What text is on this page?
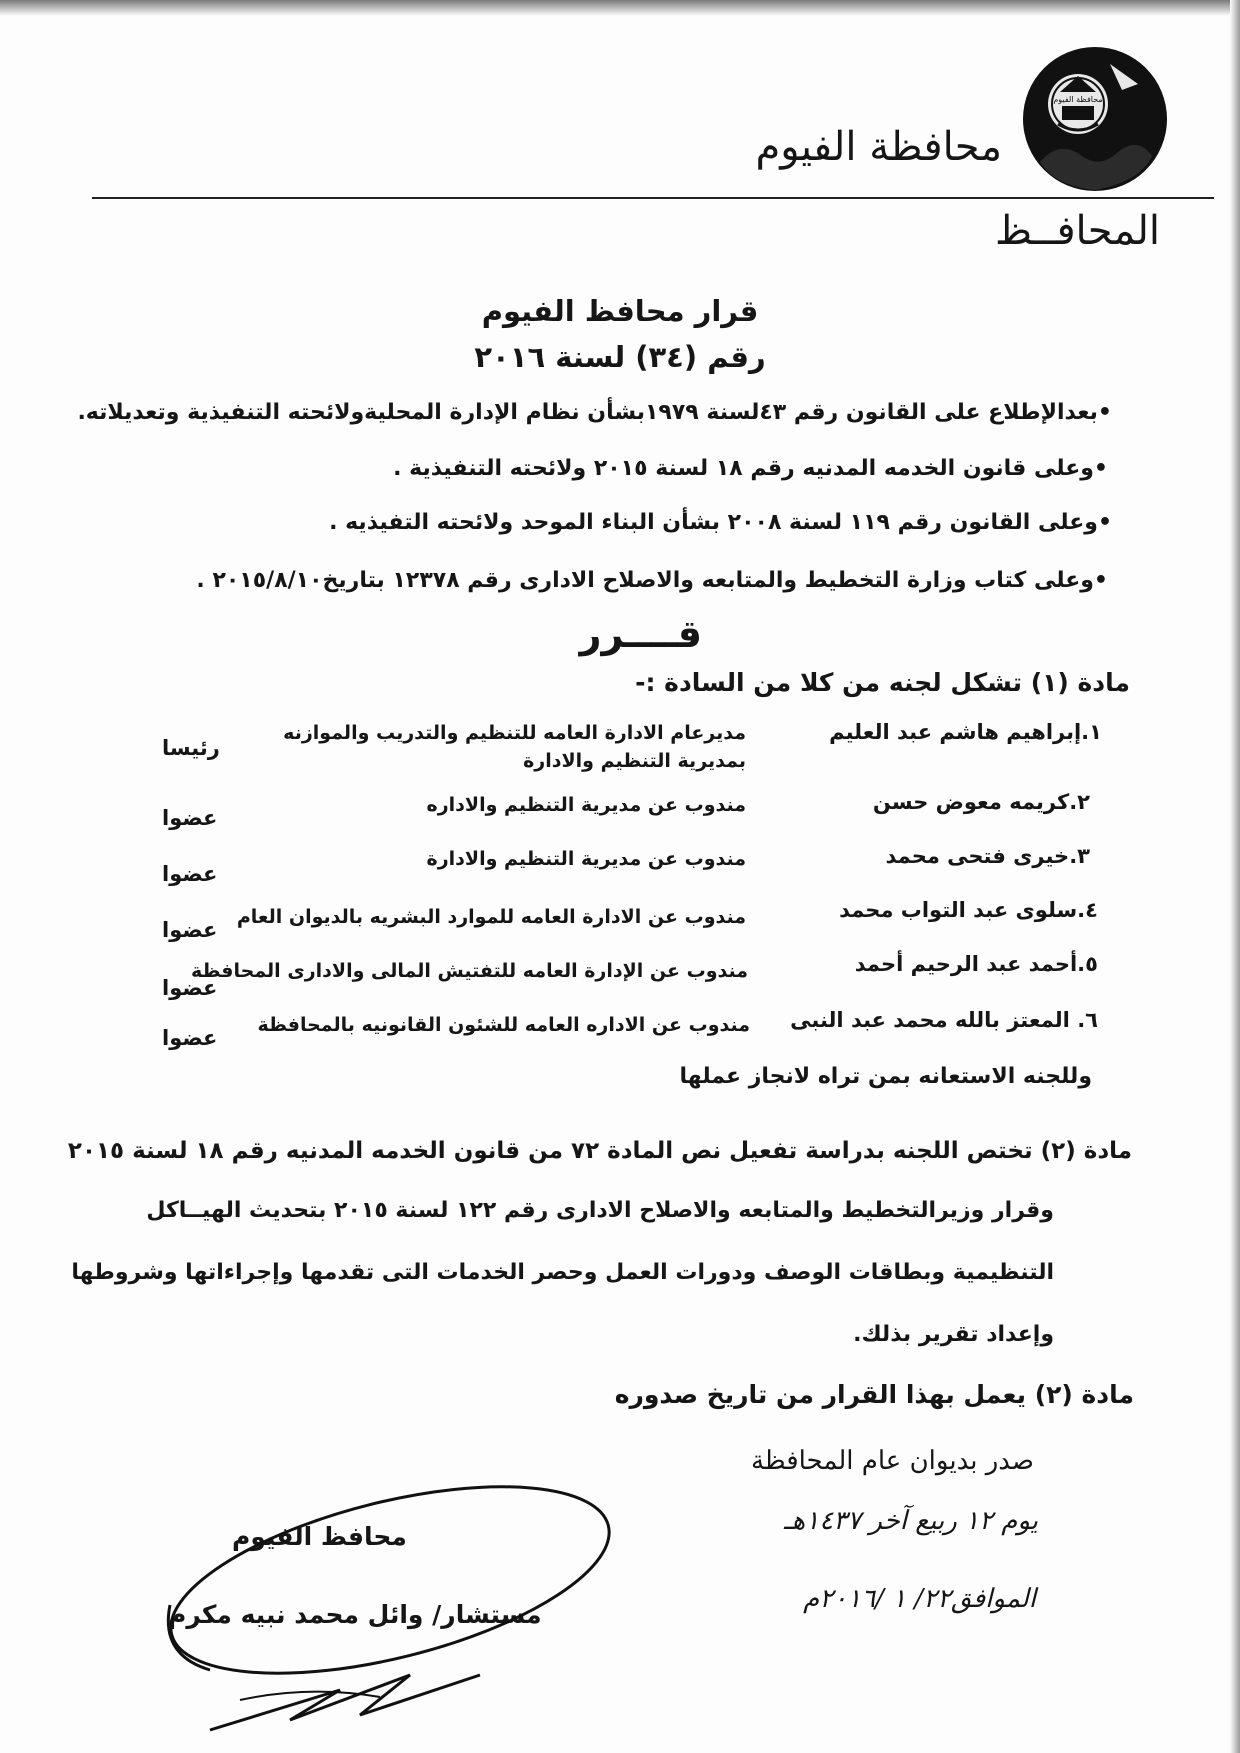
محافظة الفيوم
محافظة الفيوم
المحافــظ
قرار محافظ الفيوم
رقم (٣٤) لسنة ٢٠١٦
•بعدالإطلاع على القانون رقم ٤٣لسنة ١٩٧٩بشأن نظام الإدارة المحليةولائحته التنفيذية وتعديلاته.
•وعلى قانون الخدمه المدنيه رقم ١٨ لسنة ٢٠١٥ ولائحته التنفيذية .
•وعلى القانون رقم ١١٩ لسنة ٢٠٠٨ بشأن البناء الموحد ولائحته التفيذيه .
•وعلى كتاب وزارة التخطيط والمتابعه والاصلاح الادارى رقم ١٢٣٧٨ بتاريخ٢٠١٥/٨/١٠ .
قــــرر
مادة (١) تشكل لجنه من كلا من السادة :-
١.إبراهيم هاشم عبد العليم
مديرعام الادارة العامه للتنظيم والتدريب والموازنه
بمديرية التنظيم والادارة
رئيسا
٢.كريمه معوض حسن
مندوب عن مديرية التنظيم والاداره
عضوا
٣.خيرى فتحى محمد
مندوب عن مديرية التنظيم والادارة
عضوا
٤.سلوى عبد التواب محمد
مندوب عن الادارة العامه للموارد البشريه بالديوان العام
عضوا
٥.أحمد عبد الرحيم أحمد
مندوب عن الإدارة العامه للتفتيش المالى والادارى المحافظة
عضوا
٦. المعتز بالله محمد عبد النبى
مندوب عن الاداره العامه للشئون القانونيه بالمحافظة
عضوا
وللجنه الاستعانه بمن تراه لانجاز عملها
مادة (٢) تختص اللجنه بدراسة تفعيل نص المادة ٧٢ من قانون الخدمه المدنيه رقم ١٨ لسنة ٢٠١٥
وقرار وزيرالتخطيط والمتابعه والاصلاح الادارى رقم ١٢٢ لسنة ٢٠١٥ بتحديث الهيــاكل
التنظيمية وبطاقات الوصف ودورات العمل وحصر الخدمات التى تقدمها وإجراءاتها وشروطها
وإعداد تقرير بذلك.
مادة (٢) يعمل بهذا القرار من تاريخ صدوره
صدر بديوان عام المحافظة
يوم ١٢ ربيع آخر ١٤٣٧هـ
الموافق٢٢/ ١ /٢٠١٦م
محافظ الفيوم
مستشار/ وائل محمد نبيه مكرم
